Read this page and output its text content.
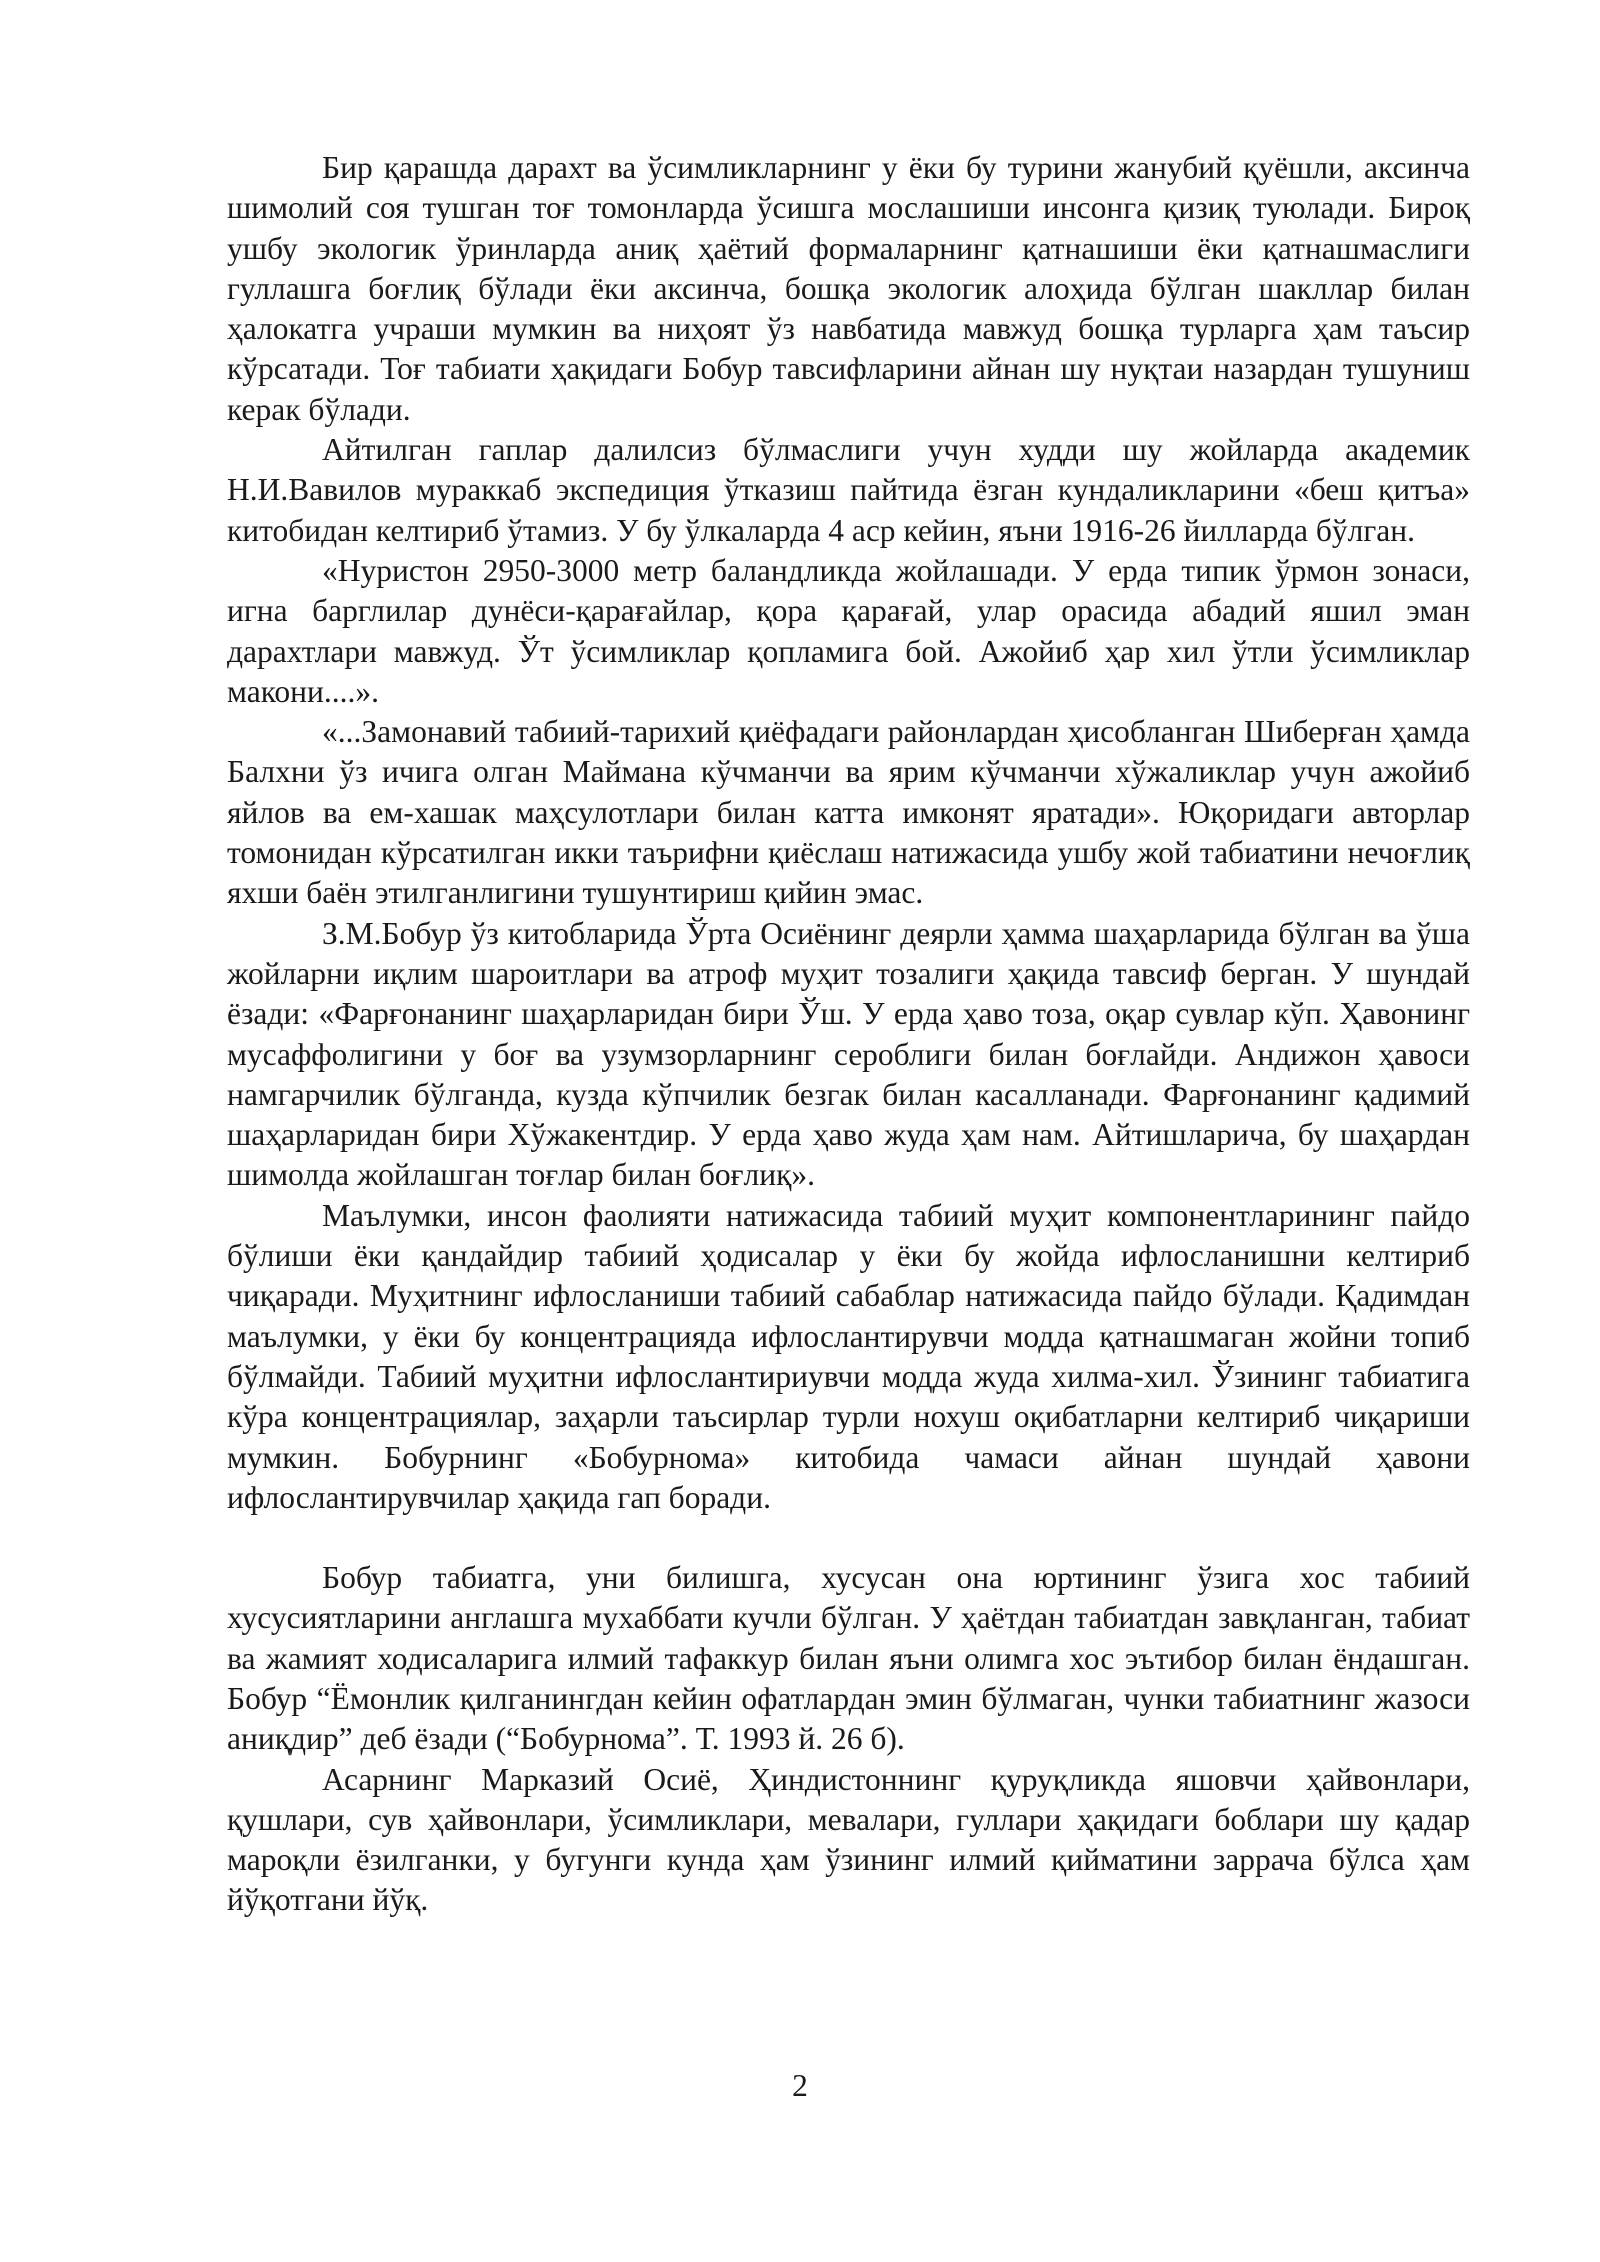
Бир қарашда дарахт ва ўсимликларнинг у ёки бу турини жанубий қуёшли, аксинча шимолий соя тушган тоғ томонларда ўсишга мослашиши инсонга қизиқ туюлади. Бироқ ушбу экологик ўринларда аниқ ҳаётий формаларнинг қатнашиши ёки қатнашмаслиги гуллашга боғлиқ бўлади ёки аксинча, бошқа экологик алоҳида бўлган шакллар билан ҳалокатга учраши мумкин ва ниҳоят ўз навбатида мавжуд бошқа турларга ҳам таъсир кўрсатади. Тоғ табиати ҳақидаги Бобур тавсифларини айнан шу нуқтаи назардан тушуниш керак бўлади.

Айтилган гаплар далилсиз бўлмаслиги учун худди шу жойларда академик Н.И.Вавилов мураккаб экспедиция ўтказиш пайтида ёзган кундаликларини «беш қитъа» китобидан келтириб ўтамиз. У бу ўлкаларда 4 аср кейин, яъни 1916-26 йилларда бўлган.

«Нуристон 2950-3000 метр баландликда жойлашади. У ерда типик ўрмон зонаси, игна барглилар дунёси-қарағайлар, қора қарағай, улар орасида абадий яшил эман дарахтлари мавжуд. Ўт ўсимликлар қопламига бой. Ажойиб ҳар хил ўтли ўсимликлар макони....».

«...Замонавий табиий-тарихий қиёфадаги районлардан ҳисобланган Шиберған ҳамда Балхни ўз ичига олган Маймана кўчманчи ва ярим кўчманчи хўжаликлар учун ажойиб яйлов ва ем-хашак маҳсулотлари билан катта имконят яратади». Юқоридаги авторлар томонидан кўрсатилган икки таърифни қиёслаш натижасида ушбу жой табиатини нечоғлиқ яхши баён этилганлигини тушунтириш қийин эмас.

З.М.Бобур ўз китобларида Ўрта Осиёнинг деярли ҳамма шаҳарларида бўлган ва ўша жойларни иқлим шароитлари ва атроф муҳит тозалиги ҳақида тавсиф берган. У шундай ёзади: «Фарғонанинг шаҳарларидан бири Ўш. У ерда ҳаво тоза, оқар сувлар кўп. Ҳавонинг мусаффолигини у боғ ва узумзорларнинг сероблиги билан боғлайди. Андижон ҳавоси намгарчилик бўлганда, кузда кўпчилик безгак билан касалланади. Фарғонанинг қадимий шаҳарларидан бири Хўжакентдир. У ерда ҳаво жуда ҳам нам. Айтишларича, бу шаҳардан шимолда жойлашган тоғлар билан боғлиқ».

Маълумки, инсон фаолияти натижасида табиий муҳит компонентларининг пайдо бўлиши ёки қандайдир табиий ҳодисалар у ёки бу жойда ифлосланишни келтириб чиқаради. Муҳитнинг ифлосланиши табиий сабаблар натижасида пайдо бўлади. Қадимдан маълумки, у ёки бу концентрацияда ифлослантирувчи модда қатнашмаган жойни топиб бўлмайди. Табиий муҳитни ифлослантириувчи модда жуда хилма-хил. Ўзининг табиатига кўра концентрациялар, заҳарли таъсирлар турли нохуш оқибатларни келтириб чиқариши мумкин. Бобурнинг «Бобурнома» китобида чамаси айнан шундай ҳавони ифлослантирувчилар ҳақида гап боради.

Бобур табиатга, уни билишга, хусусан она юртининг ўзига хос табиий хусусиятларини англашга мухаббати кучли бўлган. У ҳаётдан табиатдан завқланган, табиат ва жамият ходисаларига илмий тафаккур билан яъни олимга хос эътибор билан ёндашган. Бобур “Ёмонлик қилганингдан кейин офатлардан эмин бўлмаган, чунки табиатнинг жазоси аниқдир” деб ёзади (“Бобурнома”. Т. 1993 й. 26 б).

Асарнинг Марказий Осиё, Ҳиндистоннинг қуруқликда яшовчи ҳайвонлари, қушлари, сув ҳайвонлари, ўсимликлари, мевалари, гуллари ҳақидаги боблари шу қадар мароқли ёзилганки, у бугунги кунда ҳам ўзининг илмий қийматини заррача бўлса ҳам йўқотгани йўқ.

2
